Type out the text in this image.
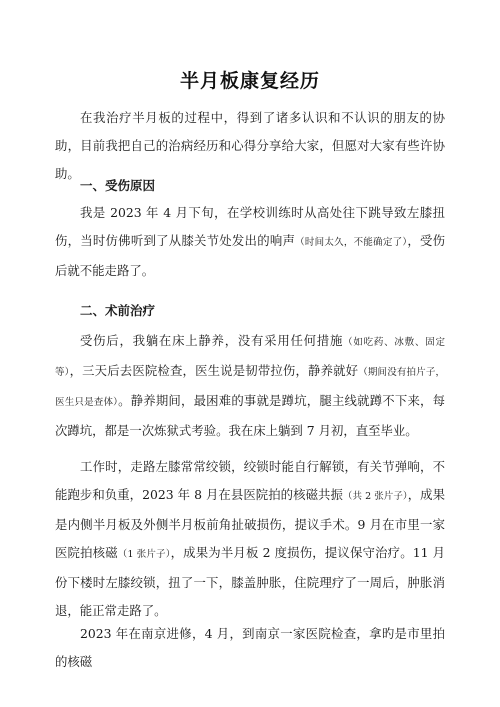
半月板康复经历

在我治疗半月板的过程中，得到了诸多认识和不认识的朋友的协助，目前我把自己的治病经历和心得分享给大家，但愿对大家有些许协助。

一、受伤原因

我是 2023 年 4 月下旬，在学校训练时从高处往下跳导致左膝扭伤，当时仿佛听到了从膝关节处发出的响声（时间太久，不能确定了），受伤后就不能走路了。

二、术前治疗

受伤后，我躺在床上静养，没有采用任何措施（如吃药、冰敷、固定等），三天后去医院检查，医生说是韧带拉伤，静养就好（期间没有拍片子，医生只是查体）。静养期间，最困难的事就是蹲坑，腿主线就蹲不下来，每次蹲坑，都是一次炼狱式考验。我在床上躺到 7 月初，直至毕业。

工作时，走路左膝常常绞锁，绞锁时能自行解锁，有关节弹响，不能跑步和负重，2023 年 8 月在县医院拍的核磁共振（共 2 张片子），成果是内侧半月板及外侧半月板前角扯破损伤，提议手术。9 月在市里一家医院拍核磁（1 张片子），成果为半月板 2 度损伤，提议保守治疗。11 月份下楼时左膝绞锁，扭了一下，膝盖肿胀，住院理疗了一周后，肿胀消退，能正常走路了。

2023 年在南京进修，4 月，到南京一家医院检查，拿旳是市里拍的核磁
